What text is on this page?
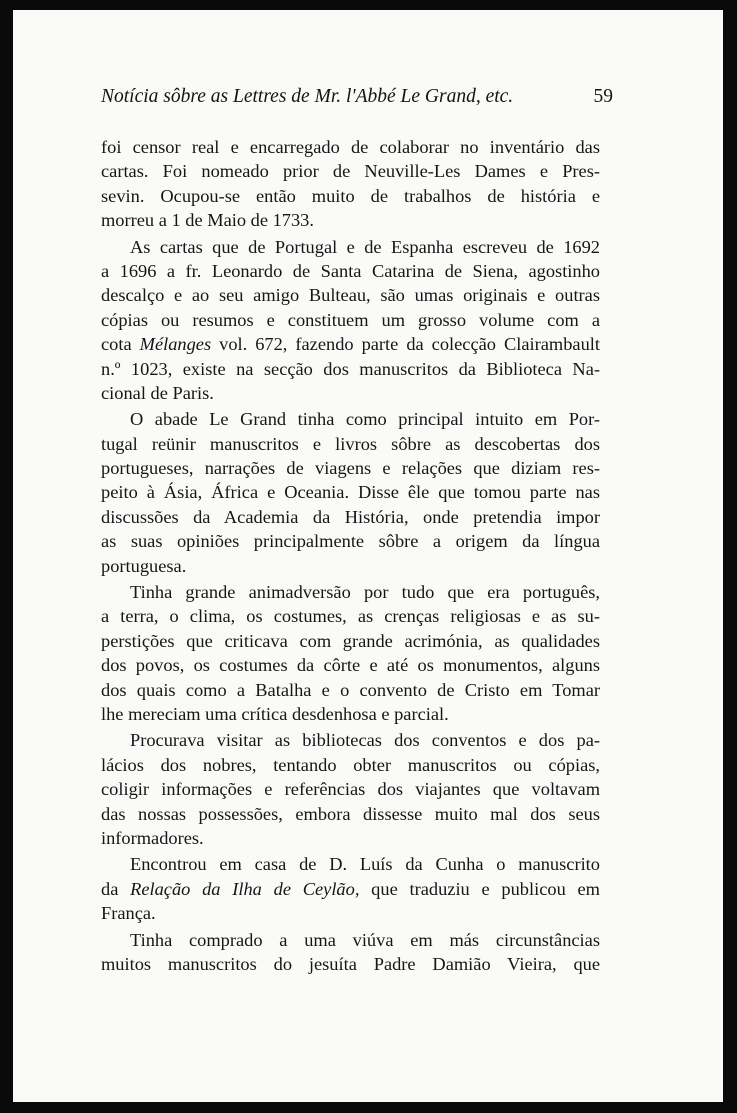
Notícia sôbre as Lettres de Mr. l'Abbé Le Grand, etc.	59
foi censor real e encarregado de colaborar no inventário das
cartas. Foi nomeado prior de Neuville-Les Dames e Pres-
sevin. Ocupou-se então muito de trabalhos de história e
morreu a 1 de Maio de 1733.
As cartas que de Portugal e de Espanha escreveu de 1692
a 1696 a fr. Leonardo de Santa Catarina de Siena, agostinho
descalço e ao seu amigo Bulteau, são umas originais e outras
cópias ou resumos e constituem um grosso volume com a
cota Mélanges vol. 672, fazendo parte da colecção Clairambault
n.º 1023, existe na secção dos manuscritos da Biblioteca Na-
cional de Paris.
O abade Le Grand tinha como principal intuito em Por-
tugal reünir manuscritos e livros sôbre as descobertas dos
portugueses, narrações de viagens e relações que diziam res-
peito à Ásia, África e Oceania. Disse êle que tomou parte nas
discussões da Academia da História, onde pretendia impor
as suas opiniões principalmente sôbre a origem da língua
portuguesa.
Tinha grande animadversão por tudo que era português,
a terra, o clima, os costumes, as crenças religiosas e as su-
perstições que criticava com grande acrimónia, as qualidades
dos povos, os costumes da côrte e até os monumentos, alguns
dos quais como a Batalha e o convento de Cristo em Tomar
lhe mereciam uma crítica desdenhosa e parcial.
Procurava visitar as bibliotecas dos conventos e dos pa-
lácios dos nobres, tentando obter manuscritos ou cópias,
coligir informações e referências dos viajantes que voltavam
das nossas possessões, embora dissesse muito mal dos seus
informadores.
Encontrou em casa de D. Luís da Cunha o manuscrito
da Relação da Ilha de Ceylão, que traduziu e publicou em
França.
Tinha comprado a uma viúva em más circunstâncias
muitos manuscritos do jesuíta Padre Damião Vieira, que
